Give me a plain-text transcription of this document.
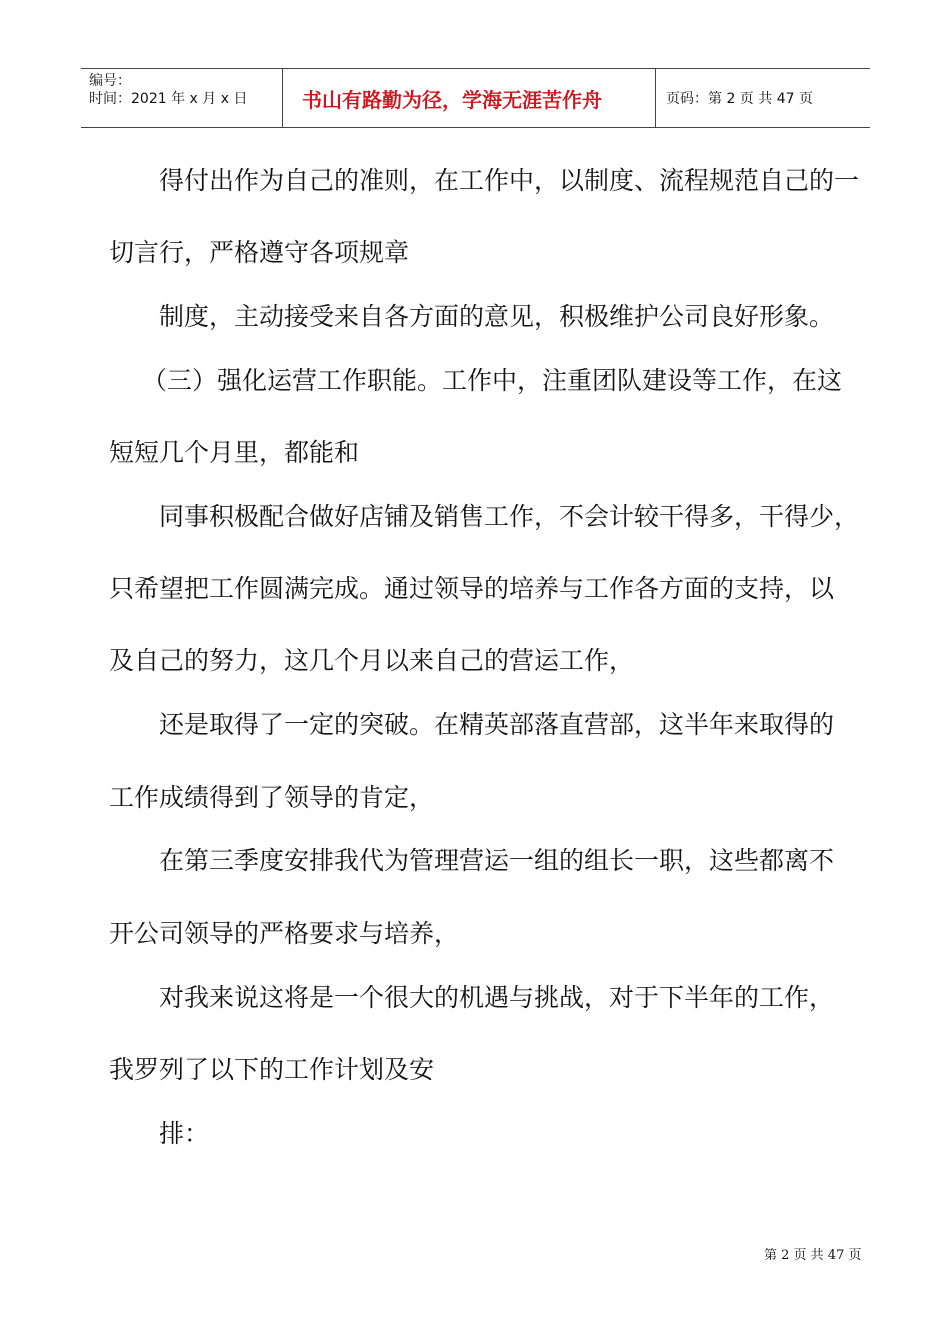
编号：
时间：2021 年 x 月 x 日	书山有路勤为径，学海无涯苦作舟	页码：第 2 页 共 47 页
得付出作为自己的准则，在工作中，以制度、流程规范自己的一
切言行，严格遵守各项规章
制度，主动接受来自各方面的意见，积极维护公司良好形象。
（三）强化运营工作职能。工作中，注重团队建设等工作，在这
短短几个月里，都能和
同事积极配合做好店铺及销售工作，不会计较干得多，干得少，
只希望把工作圆满完成。通过领导的培养与工作各方面的支持，以
及自己的努力，这几个月以来自己的营运工作，
还是取得了一定的突破。在精英部落直营部，这半年来取得的
工作成绩得到了领导的肯定，
在第三季度安排我代为管理营运一组的组长一职，这些都离不
开公司领导的严格要求与培养，
对我来说这将是一个很大的机遇与挑战，对于下半年的工作，
我罗列了以下的工作计划及安
排：
第 2 页 共 47 页
